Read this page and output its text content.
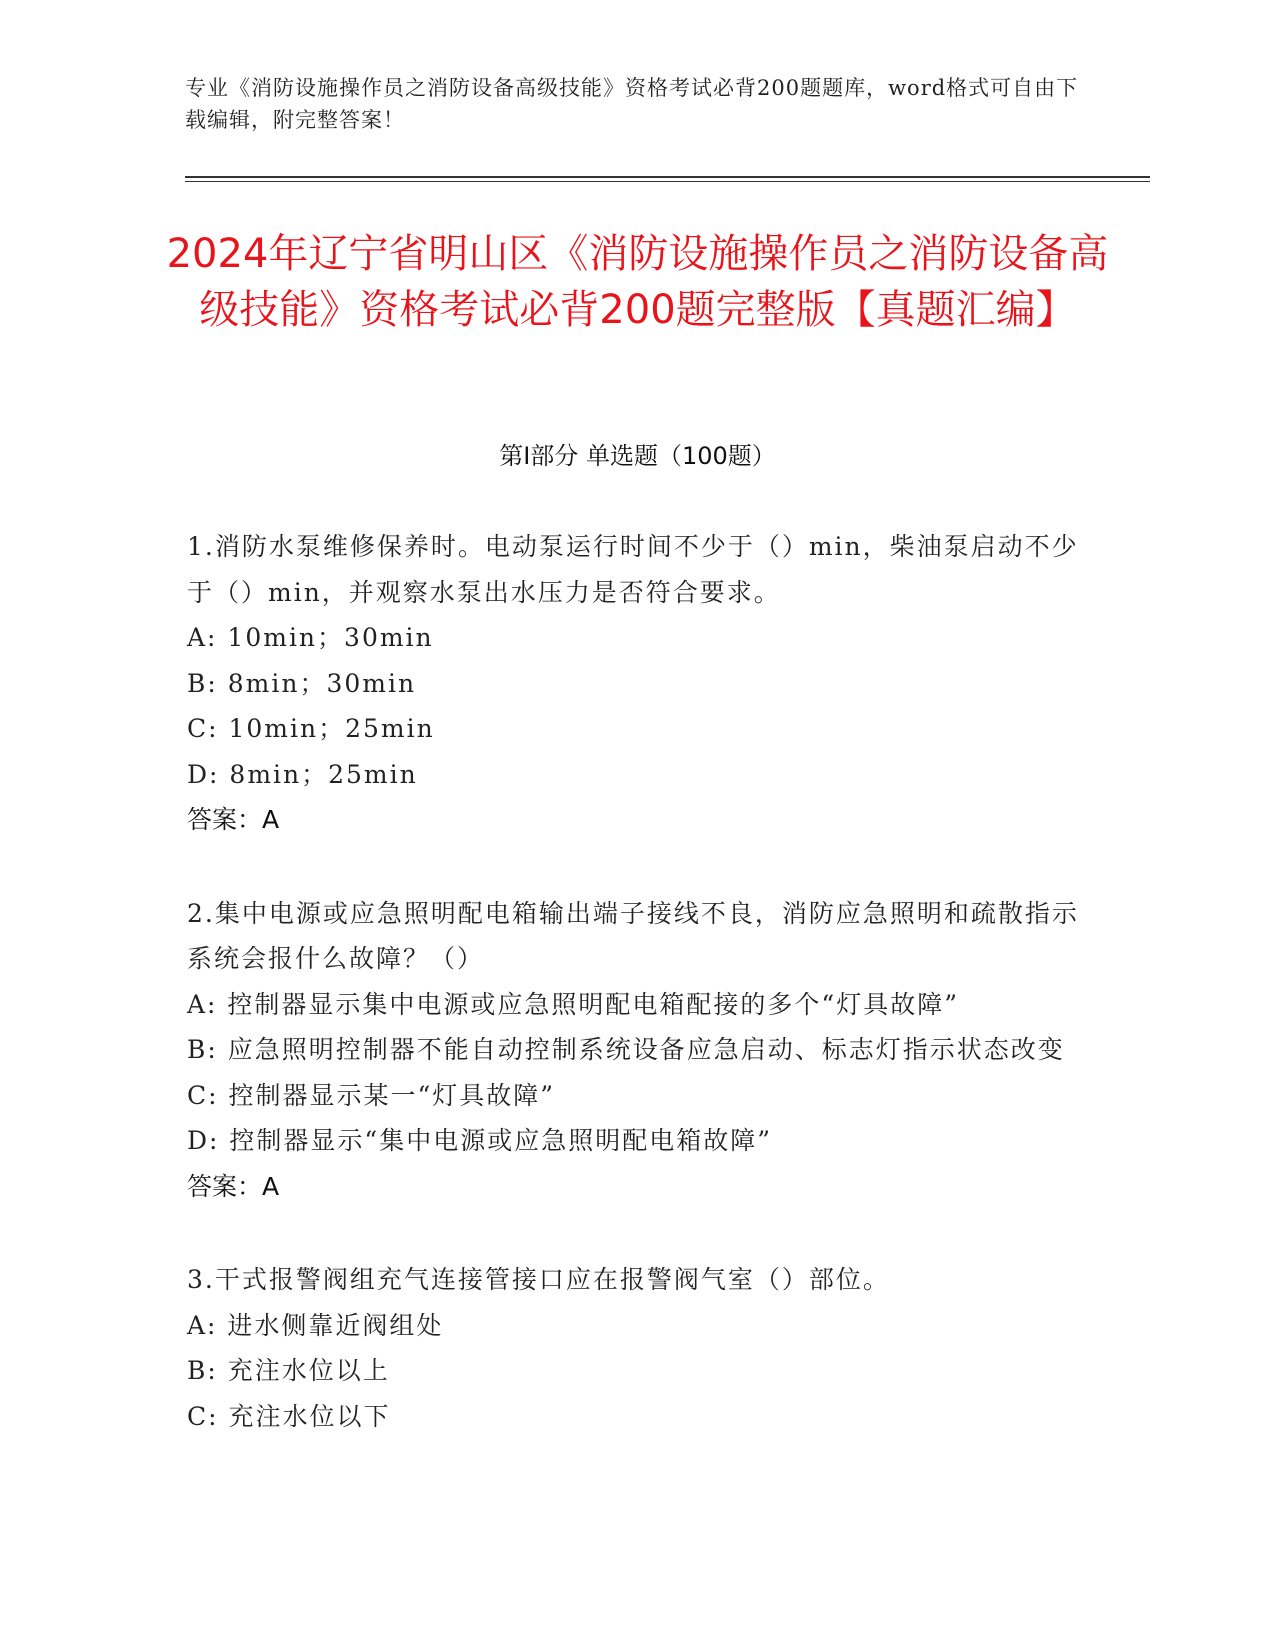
专业《消防设施操作员之消防设备高级技能》资格考试必背200题题库，word格式可自由下载编辑，附完整答案！
2024年辽宁省明山区《消防设施操作员之消防设备高级技能》资格考试必背200题完整版【真题汇编】
第I部分 单选题（100题）
1.消防水泵维修保养时。电动泵运行时间不少于（）min，柴油泵启动不少于（）min，并观察水泵出水压力是否符合要求。
A: 10min；30min
B: 8min；30min
C: 10min；25min
D: 8min；25min
答案：A
2.集中电源或应急照明配电箱输出端子接线不良，消防应急照明和疏散指示系统会报什么故障？（）
A: 控制器显示集中电源或应急照明配电箱配接的多个“灯具故障”
B: 应急照明控制器不能自动控制系统设备应急启动、标志灯指示状态改变
C: 控制器显示某一“灯具故障”
D: 控制器显示“集中电源或应急照明配电箱故障”
答案：A
3.干式报警阀组充气连接管接口应在报警阀气室（）部位。
A: 进水侧靠近阀组处
B: 充注水位以上
C: 充注水位以下
